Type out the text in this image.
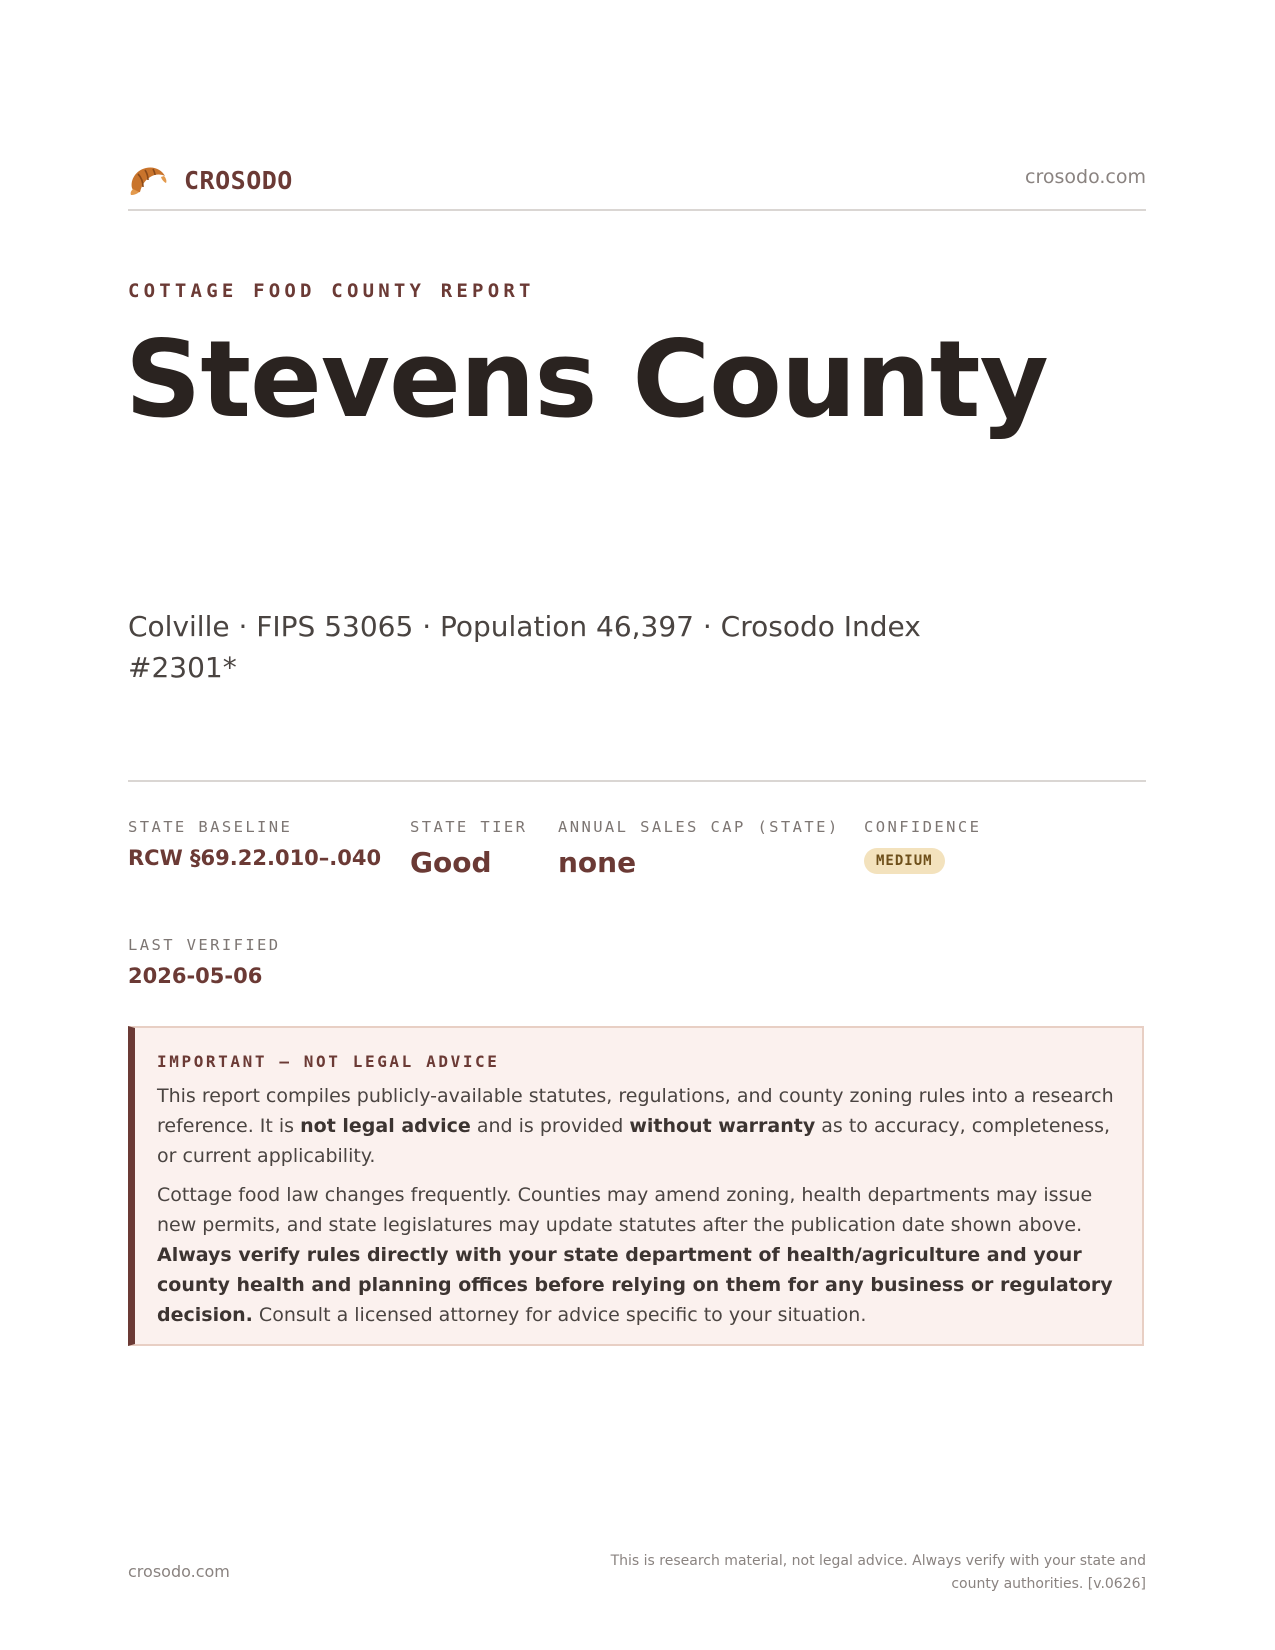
CROSODO	crosodo.com
COTTAGE FOOD COUNTY REPORT
Stevens County
Colville · FIPS 53065 · Population 46,397 · Crosodo Index #2301*
STATE BASELINE
RCW §69.22.010–.040
STATE TIER
Good
ANNUAL SALES CAP (STATE)
none
CONFIDENCE
MEDIUM
LAST VERIFIED
2026-05-06
IMPORTANT — NOT LEGAL ADVICE

This report compiles publicly-available statutes, regulations, and county zoning rules into a research reference. It is not legal advice and is provided without warranty as to accuracy, completeness, or current applicability.

Cottage food law changes frequently. Counties may amend zoning, health departments may issue new permits, and state legislatures may update statutes after the publication date shown above. Always verify rules directly with your state department of health/agriculture and your county health and planning offices before relying on them for any business or regulatory decision. Consult a licensed attorney for advice specific to your situation.

crosodo.com
This is research material, not legal advice. Always verify with your state and county authorities. [v.0626]
